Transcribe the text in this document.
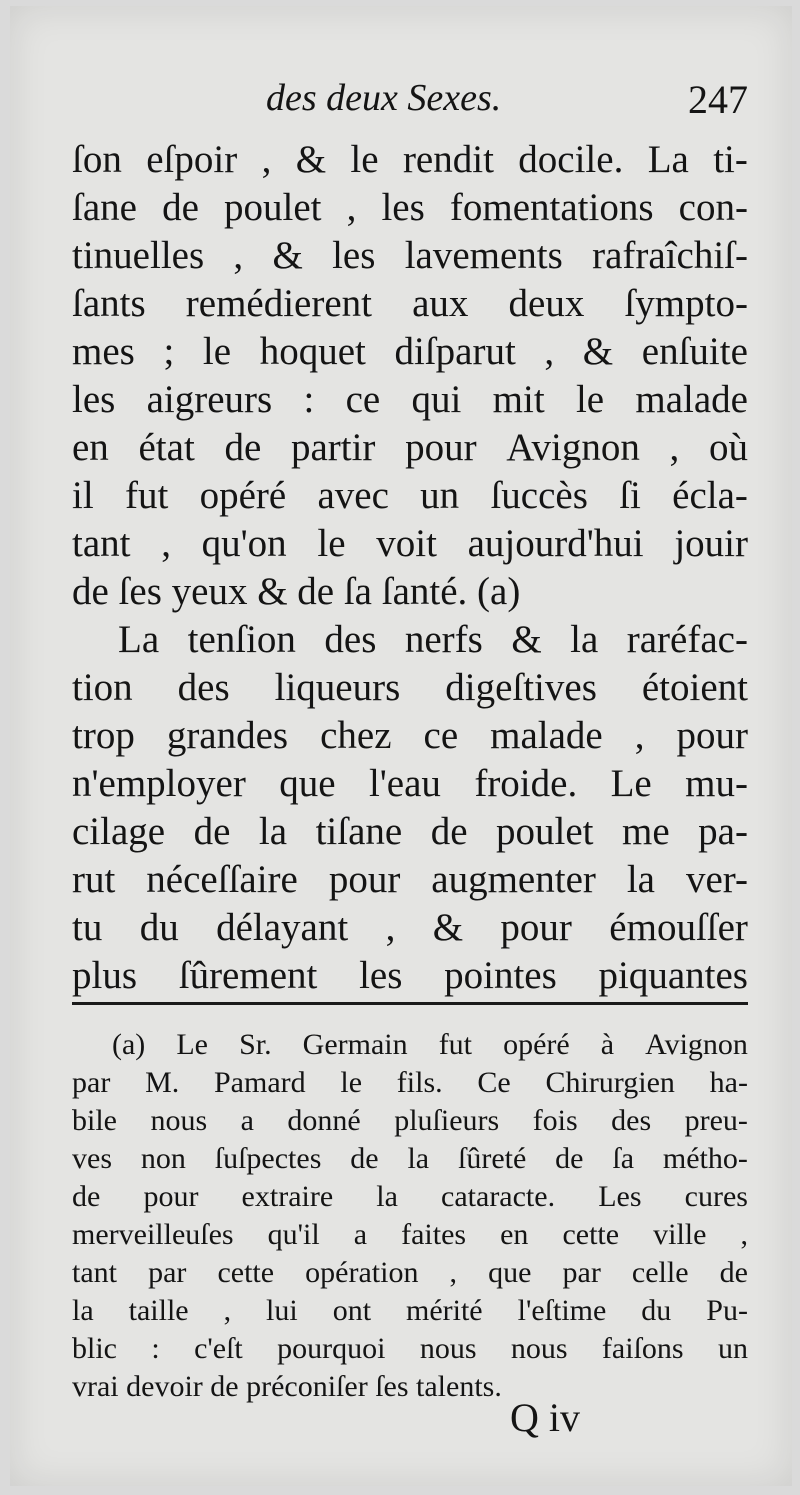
des deux Sexes.	247
ſon eſpoir , & le rendit docile. La ti-
ſane de poulet , les fomentations con-
tinuelles , & les lavements rafraîchiſ-
ſants remédierent aux deux ſympto-
mes ; le hoquet diſparut , & enſuite
les aigreurs : ce qui mit le malade
en état de partir pour Avignon , où
il fut opéré avec un ſuccès ſi écla-
tant , qu'on le voit aujourd'hui jouir
de ſes yeux & de ſa ſanté. (a)
La tenſion des nerfs & la raréfac-
tion des liqueurs digeſtives étoient
trop grandes chez ce malade , pour
n'employer que l'eau froide. Le mu-
cilage de la tiſane de poulet me pa-
rut néceſſaire pour augmenter la ver-
tu du délayant , & pour émouſſer
plus ſûrement les pointes piquantes
(a) Le Sr. Germain fut opéré à Avignon
par M. Pamard le fils. Ce Chirurgien ha-
bile nous a donné pluſieurs fois des preu-
ves non ſuſpectes de la ſûreté de ſa métho-
de pour extraire la cataracte. Les cures
merveilleuſes qu'il a faites en cette ville ,
tant par cette opération , que par celle de
la taille , lui ont mérité l'eſtime du Pu-
blic : c'eſt pourquoi nous nous faiſons un
vrai devoir de préconiſer ſes talents.
Q iv
